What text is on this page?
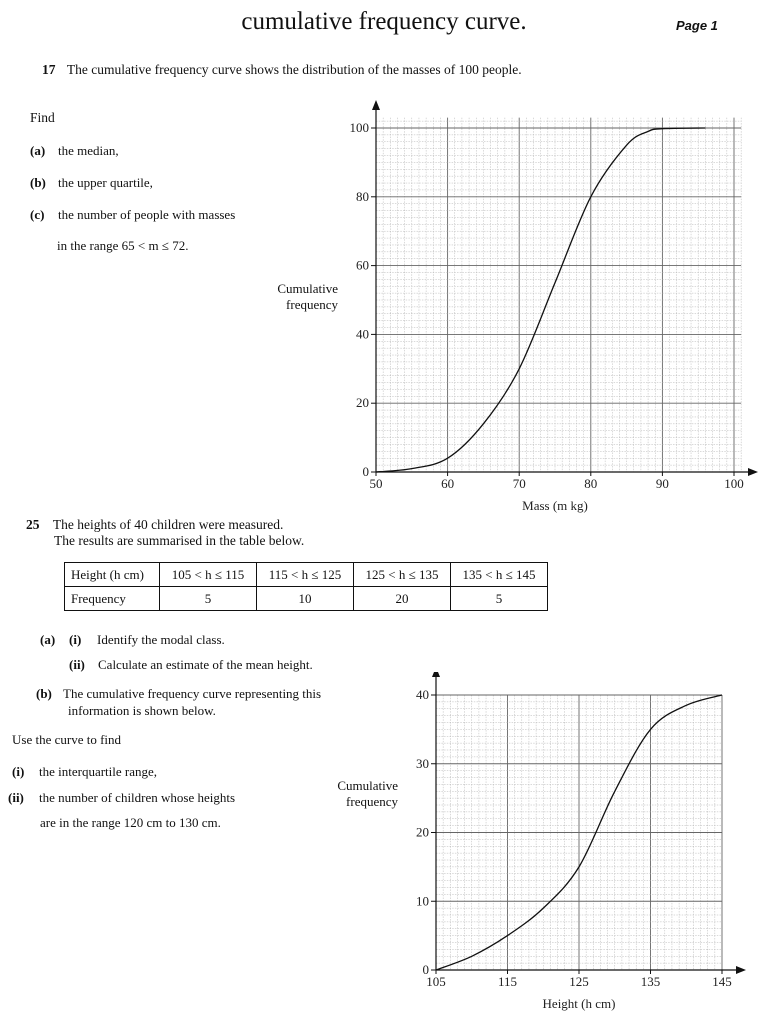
cumulative frequency curve.	Page 1
17 The cumulative frequency curve shows the distribution of the masses of 100 people.
Find
(a) the median,
(b) the upper quartile,
(c) the number of people with masses
in the range 65 < m ≤ 72.
Cumulative frequency
50	60	70	80	90	100
0
20
40
60
80
100
Mass (m kg)
25 The heights of 40 children were measured.
The results are summarised in the table below.
Height (h cm)	105 < h ≤ 115	115 < h ≤ 125	125 < h ≤ 135	135 < h ≤ 145
Frequency	5	10	20	5
(a) (i) Identify the modal class.
(ii) Calculate an estimate of the mean height.
(b) The cumulative frequency curve representing this
information is shown below.
Use the curve to find
(i) the interquartile range,
(ii) the number of children whose heights
are in the range 120 cm to 130 cm.
Cumulative frequency
105	115	125	135	145
0
10
20
30
40
Height (h cm)
